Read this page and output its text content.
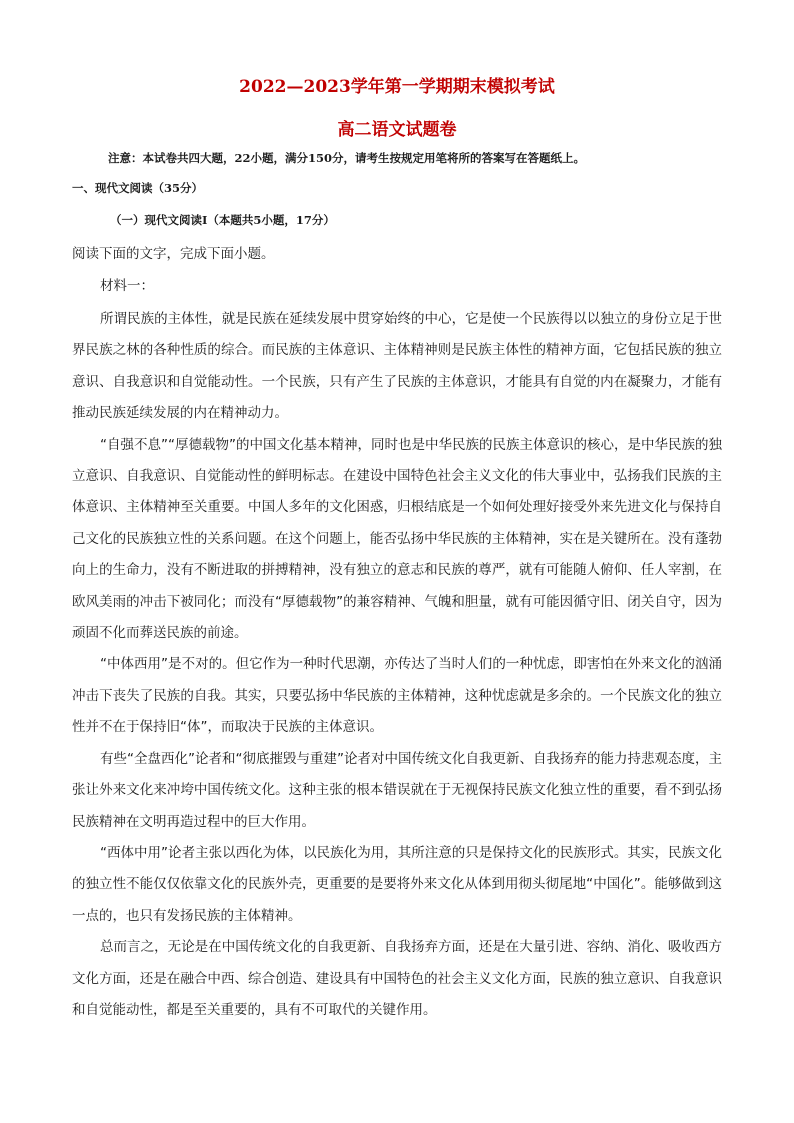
2022—2023学年第一学期期末模拟考试
高二语文试题卷
注意：本试卷共四大题，22小题，满分150分，请考生按规定用笔将所的答案写在答题纸上。
一、现代文阅读（35分）
（一）现代文阅读Ⅰ（本题共5小题，17分）
阅读下面的文字，完成下面小题。
材料一：

所谓民族的主体性，就是民族在延续发展中贯穿始终的中心，它是使一个民族得以以独立的身份立足于世界民族之林的各种性质的综合。而民族的主体意识、主体精神则是民族主体性的精神方面，它包括民族的独立意识、自我意识和自觉能动性。一个民族，只有产生了民族的主体意识，才能具有自觉的内在凝聚力，才能有推动民族延续发展的内在精神动力。

“自强不息”“厚德载物”的中国文化基本精神，同时也是中华民族的民族主体意识的核心，是中华民族的独立意识、自我意识、自觉能动性的鲜明标志。在建设中国特色社会主义文化的伟大事业中，弘扬我们民族的主体意识、主体精神至关重要。中国人多年的文化困惑，归根结底是一个如何处理好接受外来先进文化与保持自己文化的民族独立性的关系问题。在这个问题上，能否弘扬中华民族的主体精神，实在是关键所在。没有蓬勃向上的生命力，没有不断进取的拼搏精神，没有独立的意志和民族的尊严，就有可能随人俯仰、任人宰割，在欧风美雨的冲击下被同化；而没有“厚德载物”的兼容精神、气魄和胆量，就有可能因循守旧、闭关自守，因为顽固不化而葬送民族的前途。

“中体西用”是不对的。但它作为一种时代思潮，亦传达了当时人们的一种忧虑，即害怕在外来文化的汹涌冲击下丧失了民族的自我。其实，只要弘扬中华民族的主体精神，这种忧虑就是多余的。一个民族文化的独立性并不在于保持旧“体”，而取决于民族的主体意识。

有些“全盘西化”论者和“彻底摧毁与重建”论者对中国传统文化自我更新、自我扬弃的能力持悲观态度，主张让外来文化来冲垮中国传统文化。这种主张的根本错误就在于无视保持民族文化独立性的重要，看不到弘扬民族精神在文明再造过程中的巨大作用。

“西体中用”论者主张以西化为体，以民族化为用，其所注意的只是保持文化的民族形式。其实，民族文化的独立性不能仅仅依靠文化的民族外壳，更重要的是要将外来文化从体到用彻头彻尾地“中国化”。能够做到这一点的，也只有发扬民族的主体精神。

总而言之，无论是在中国传统文化的自我更新、自我扬弃方面，还是在大量引进、容纳、消化、吸收西方文化方面，还是在融合中西、综合创造、建设具有中国特色的社会主义文化方面，民族的独立意识、自我意识和自觉能动性，都是至关重要的，具有不可取代的关键作用。
